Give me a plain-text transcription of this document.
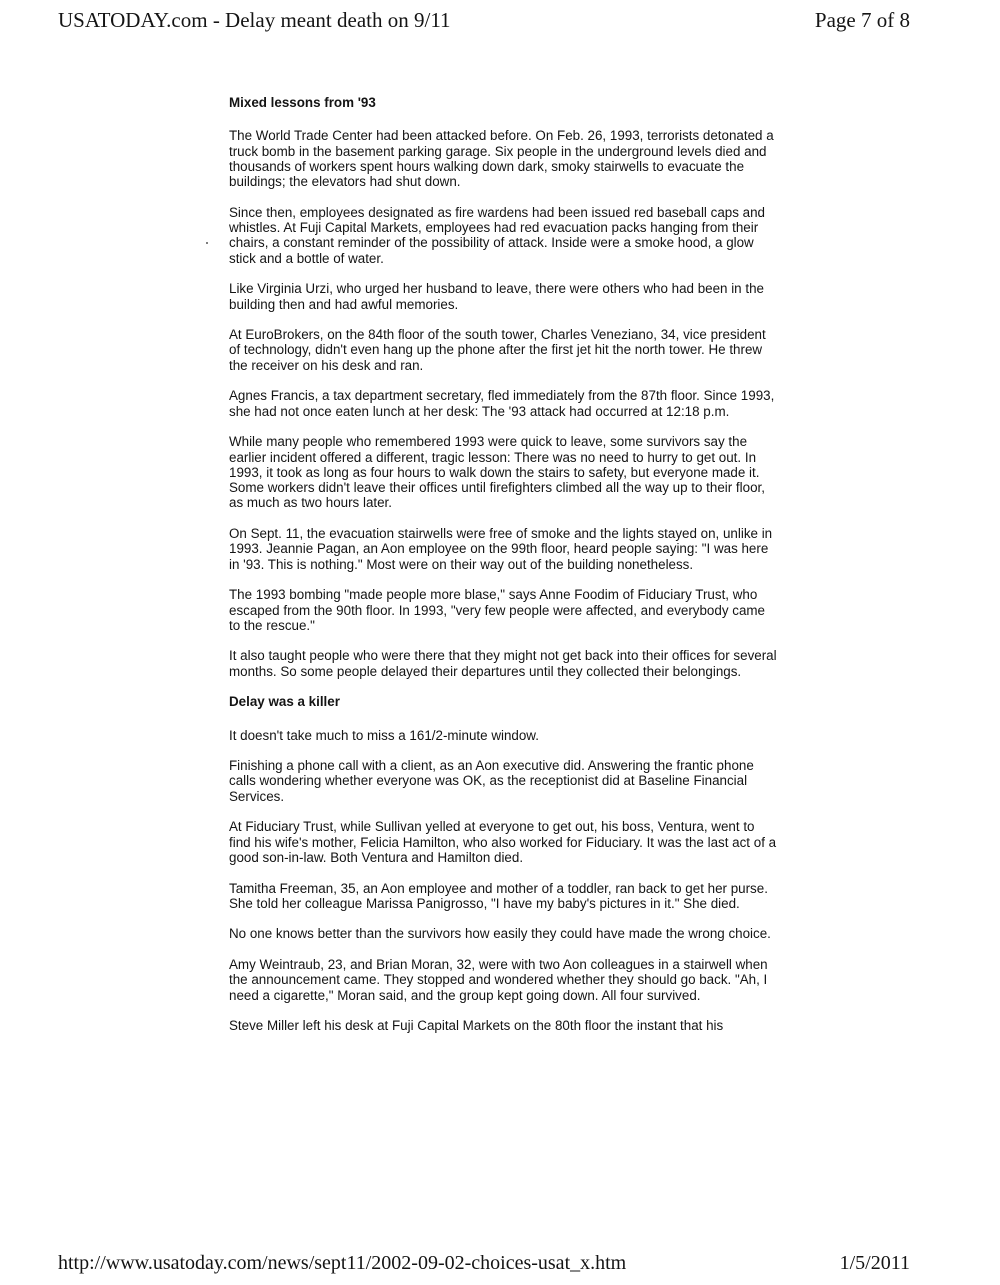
USATODAY.com - Delay meant death on 9/11	Page 7 of 8
Mixed lessons from '93

The World Trade Center had been attacked before. On Feb. 26, 1993, terrorists detonated a truck bomb in the basement parking garage. Six people in the underground levels died and thousands of workers spent hours walking down dark, smoky stairwells to evacuate the buildings; the elevators had shut down.

Since then, employees designated as fire wardens had been issued red baseball caps and whistles. At Fuji Capital Markets, employees had red evacuation packs hanging from their chairs, a constant reminder of the possibility of attack. Inside were a smoke hood, a glow stick and a bottle of water.

Like Virginia Urzi, who urged her husband to leave, there were others who had been in the building then and had awful memories.

At EuroBrokers, on the 84th floor of the south tower, Charles Veneziano, 34, vice president of technology, didn't even hang up the phone after the first jet hit the north tower. He threw the receiver on his desk and ran.

Agnes Francis, a tax department secretary, fled immediately from the 87th floor. Since 1993, she had not once eaten lunch at her desk: The '93 attack had occurred at 12:18 p.m.

While many people who remembered 1993 were quick to leave, some survivors say the earlier incident offered a different, tragic lesson: There was no need to hurry to get out. In 1993, it took as long as four hours to walk down the stairs to safety, but everyone made it. Some workers didn't leave their offices until firefighters climbed all the way up to their floor, as much as two hours later.

On Sept. 11, the evacuation stairwells were free of smoke and the lights stayed on, unlike in 1993. Jeannie Pagan, an Aon employee on the 99th floor, heard people saying: "I was here in '93. This is nothing." Most were on their way out of the building nonetheless.

The 1993 bombing "made people more blase," says Anne Foodim of Fiduciary Trust, who escaped from the 90th floor. In 1993, "very few people were affected, and everybody came to the rescue."

It also taught people who were there that they might not get back into their offices for several months. So some people delayed their departures until they collected their belongings.

Delay was a killer

It doesn't take much to miss a 161/2-minute window.

Finishing a phone call with a client, as an Aon executive did. Answering the frantic phone calls wondering whether everyone was OK, as the receptionist did at Baseline Financial Services.

At Fiduciary Trust, while Sullivan yelled at everyone to get out, his boss, Ventura, went to find his wife's mother, Felicia Hamilton, who also worked for Fiduciary. It was the last act of a good son-in-law. Both Ventura and Hamilton died.

Tamitha Freeman, 35, an Aon employee and mother of a toddler, ran back to get her purse. She told her colleague Marissa Panigrosso, "I have my baby's pictures in it." She died.

No one knows better than the survivors how easily they could have made the wrong choice.

Amy Weintraub, 23, and Brian Moran, 32, were with two Aon colleagues in a stairwell when the announcement came. They stopped and wondered whether they should go back. "Ah, I need a cigarette," Moran said, and the group kept going down. All four survived.

Steve Miller left his desk at Fuji Capital Markets on the 80th floor the instant that his

http://www.usatoday.com/news/sept11/2002-09-02-choices-usat_x.htm	1/5/2011
